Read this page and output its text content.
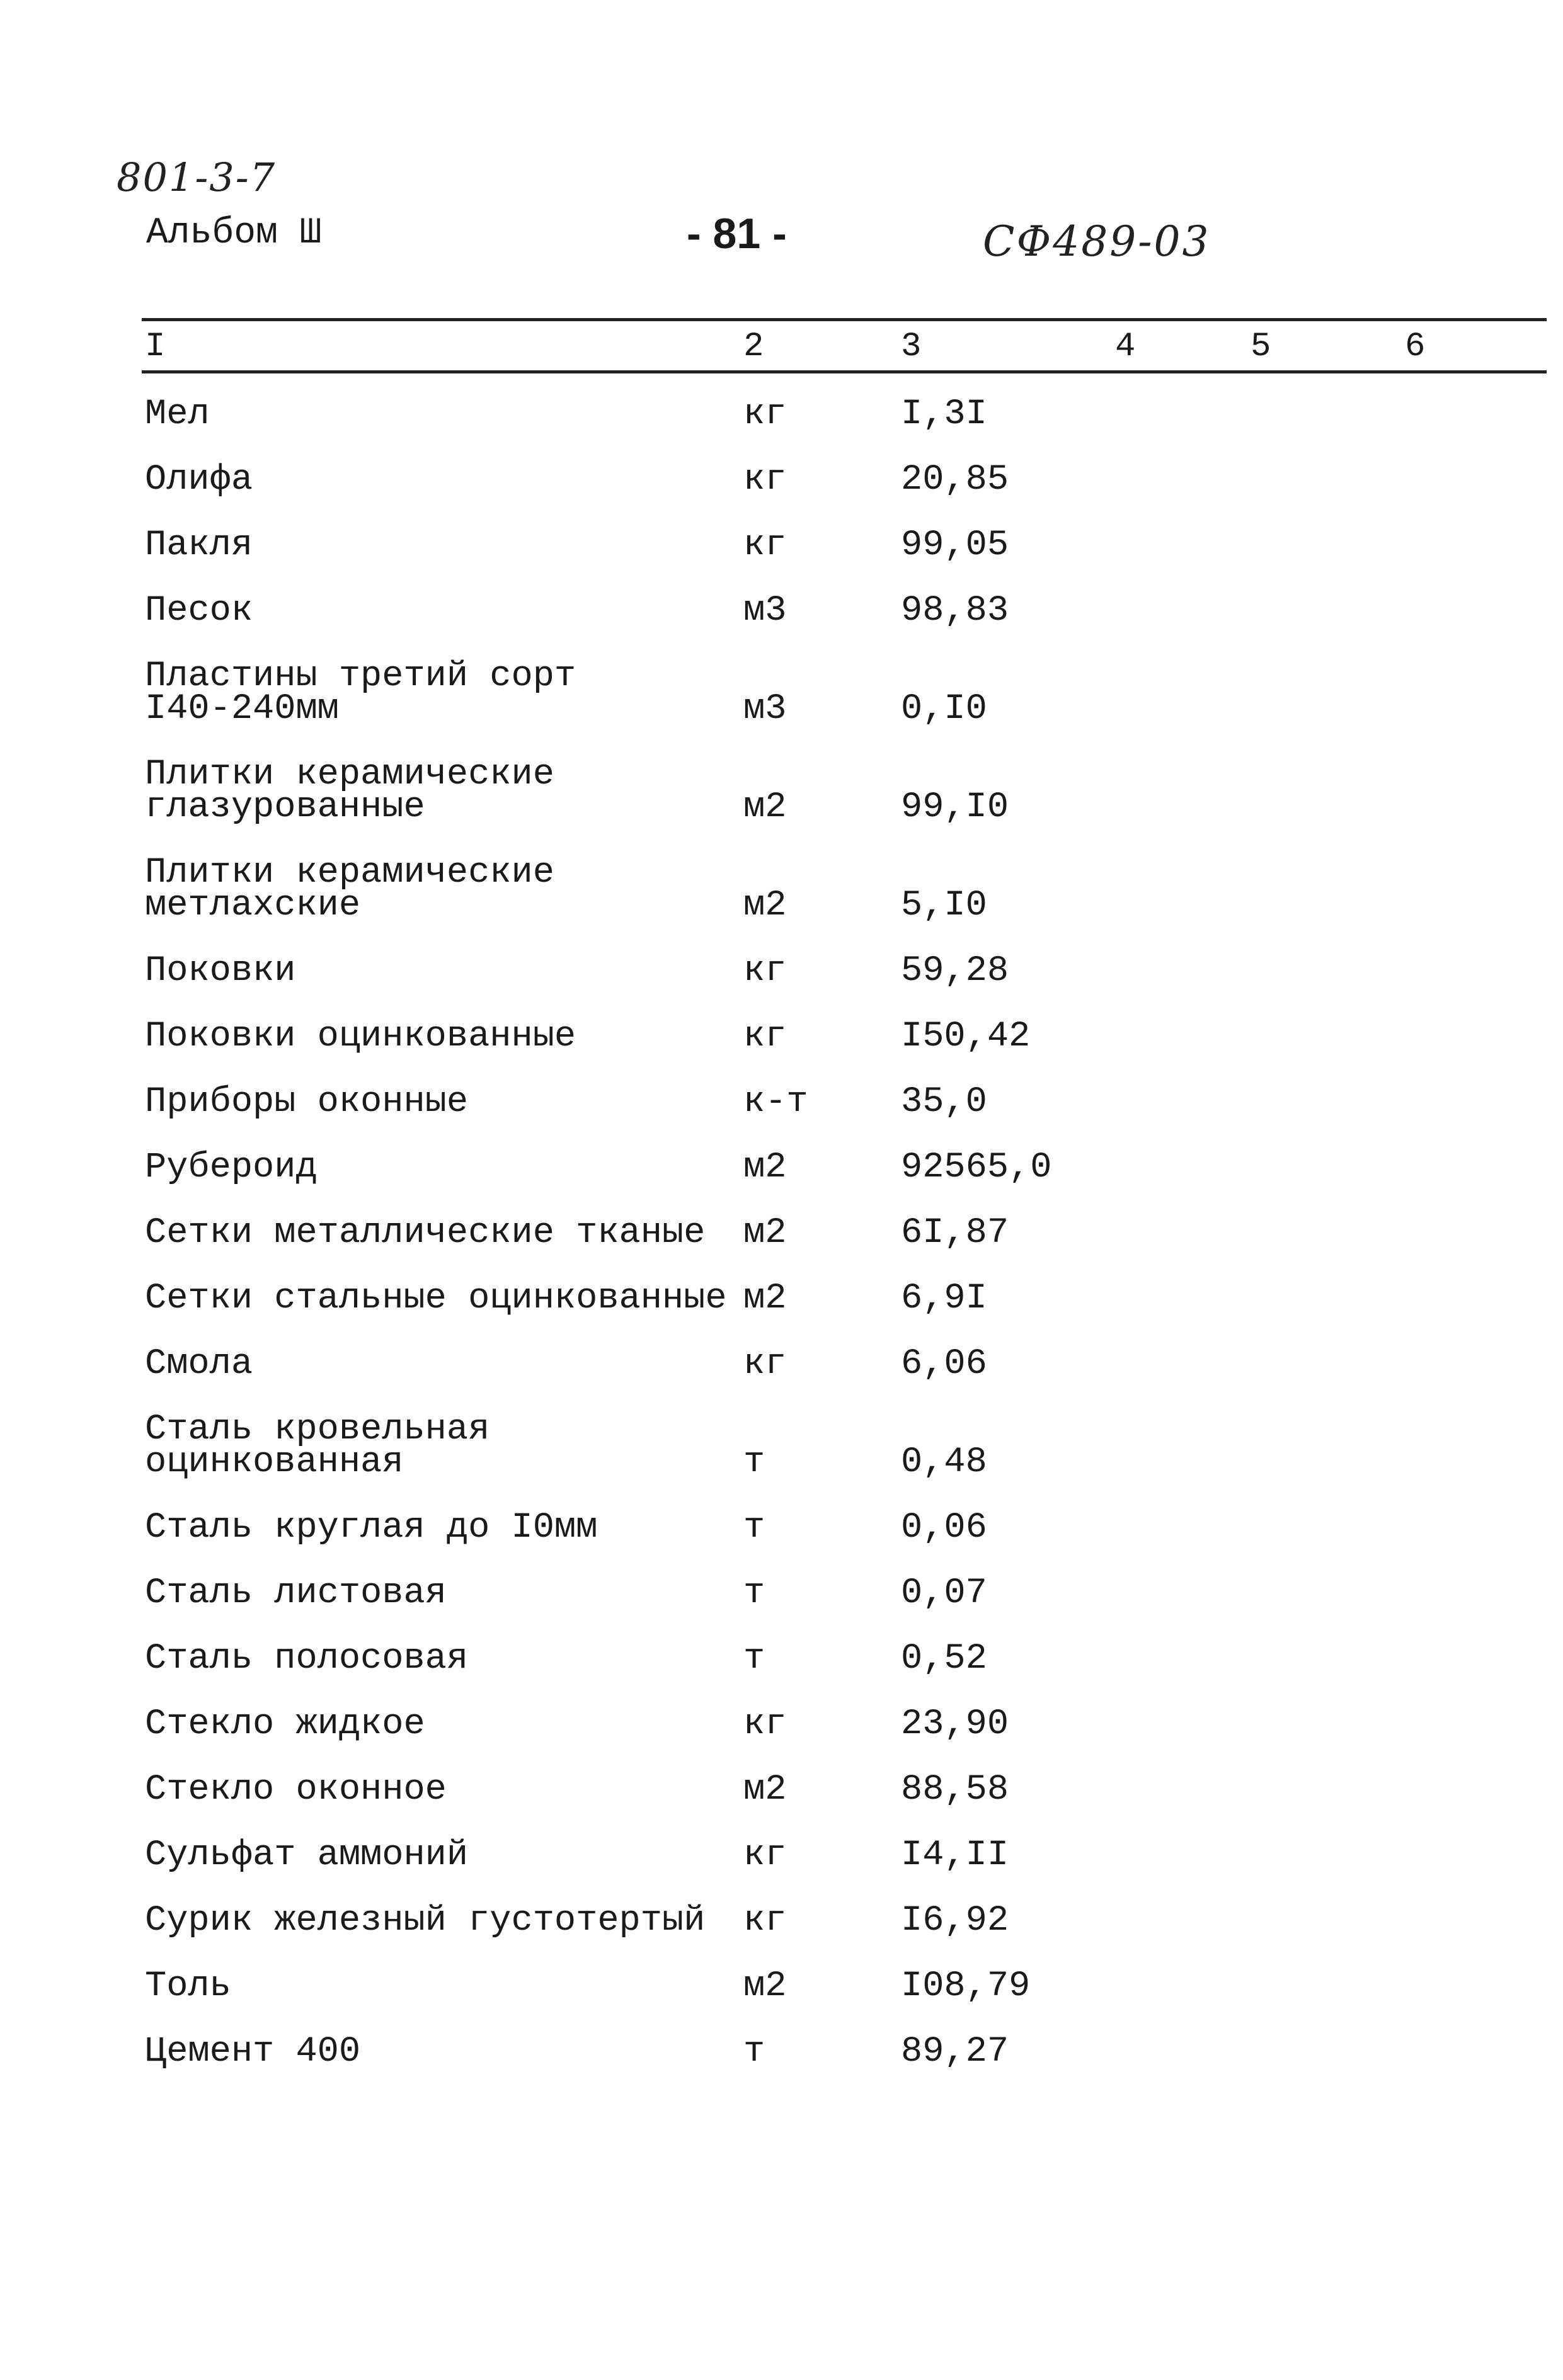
801-3-7
Альбом Ш	- 81 -	СФ489-03
I	2	3	4	5	6
Мел	кг	I,3I
Олифа	кг	20,85
Пакля	кг	99,05
Песок	м3	98,83
Пластины третий сорт
I40-240мм	м3	0,I0
Плитки керамические
глазурованные	м2	99,I0
Плитки керамические
метлахские	м2	5,I0
Поковки	кг	59,28
Поковки оцинкованные	кг	I50,42
Приборы оконные	к-т	35,0
Рубероид	м2	92565,0
Сетки металлические тканые	м2	6I,87
Сетки стальные оцинкованные м2	6,9I
Смола	кг	6,06
Сталь кровельная оцинкованная	т	0,48
Сталь круглая до I0мм	т	0,06
Сталь листовая	т	0,07
Сталь полосовая	т	0,52
Стекло жидкое	кг	23,90
Стекло оконное	м2	88,58
Сульфат аммоний	кг	I4,II
Сурик железный густотертый	кг	I6,92
Толь	м2	I08,79
Цемент 400	т	89,27
